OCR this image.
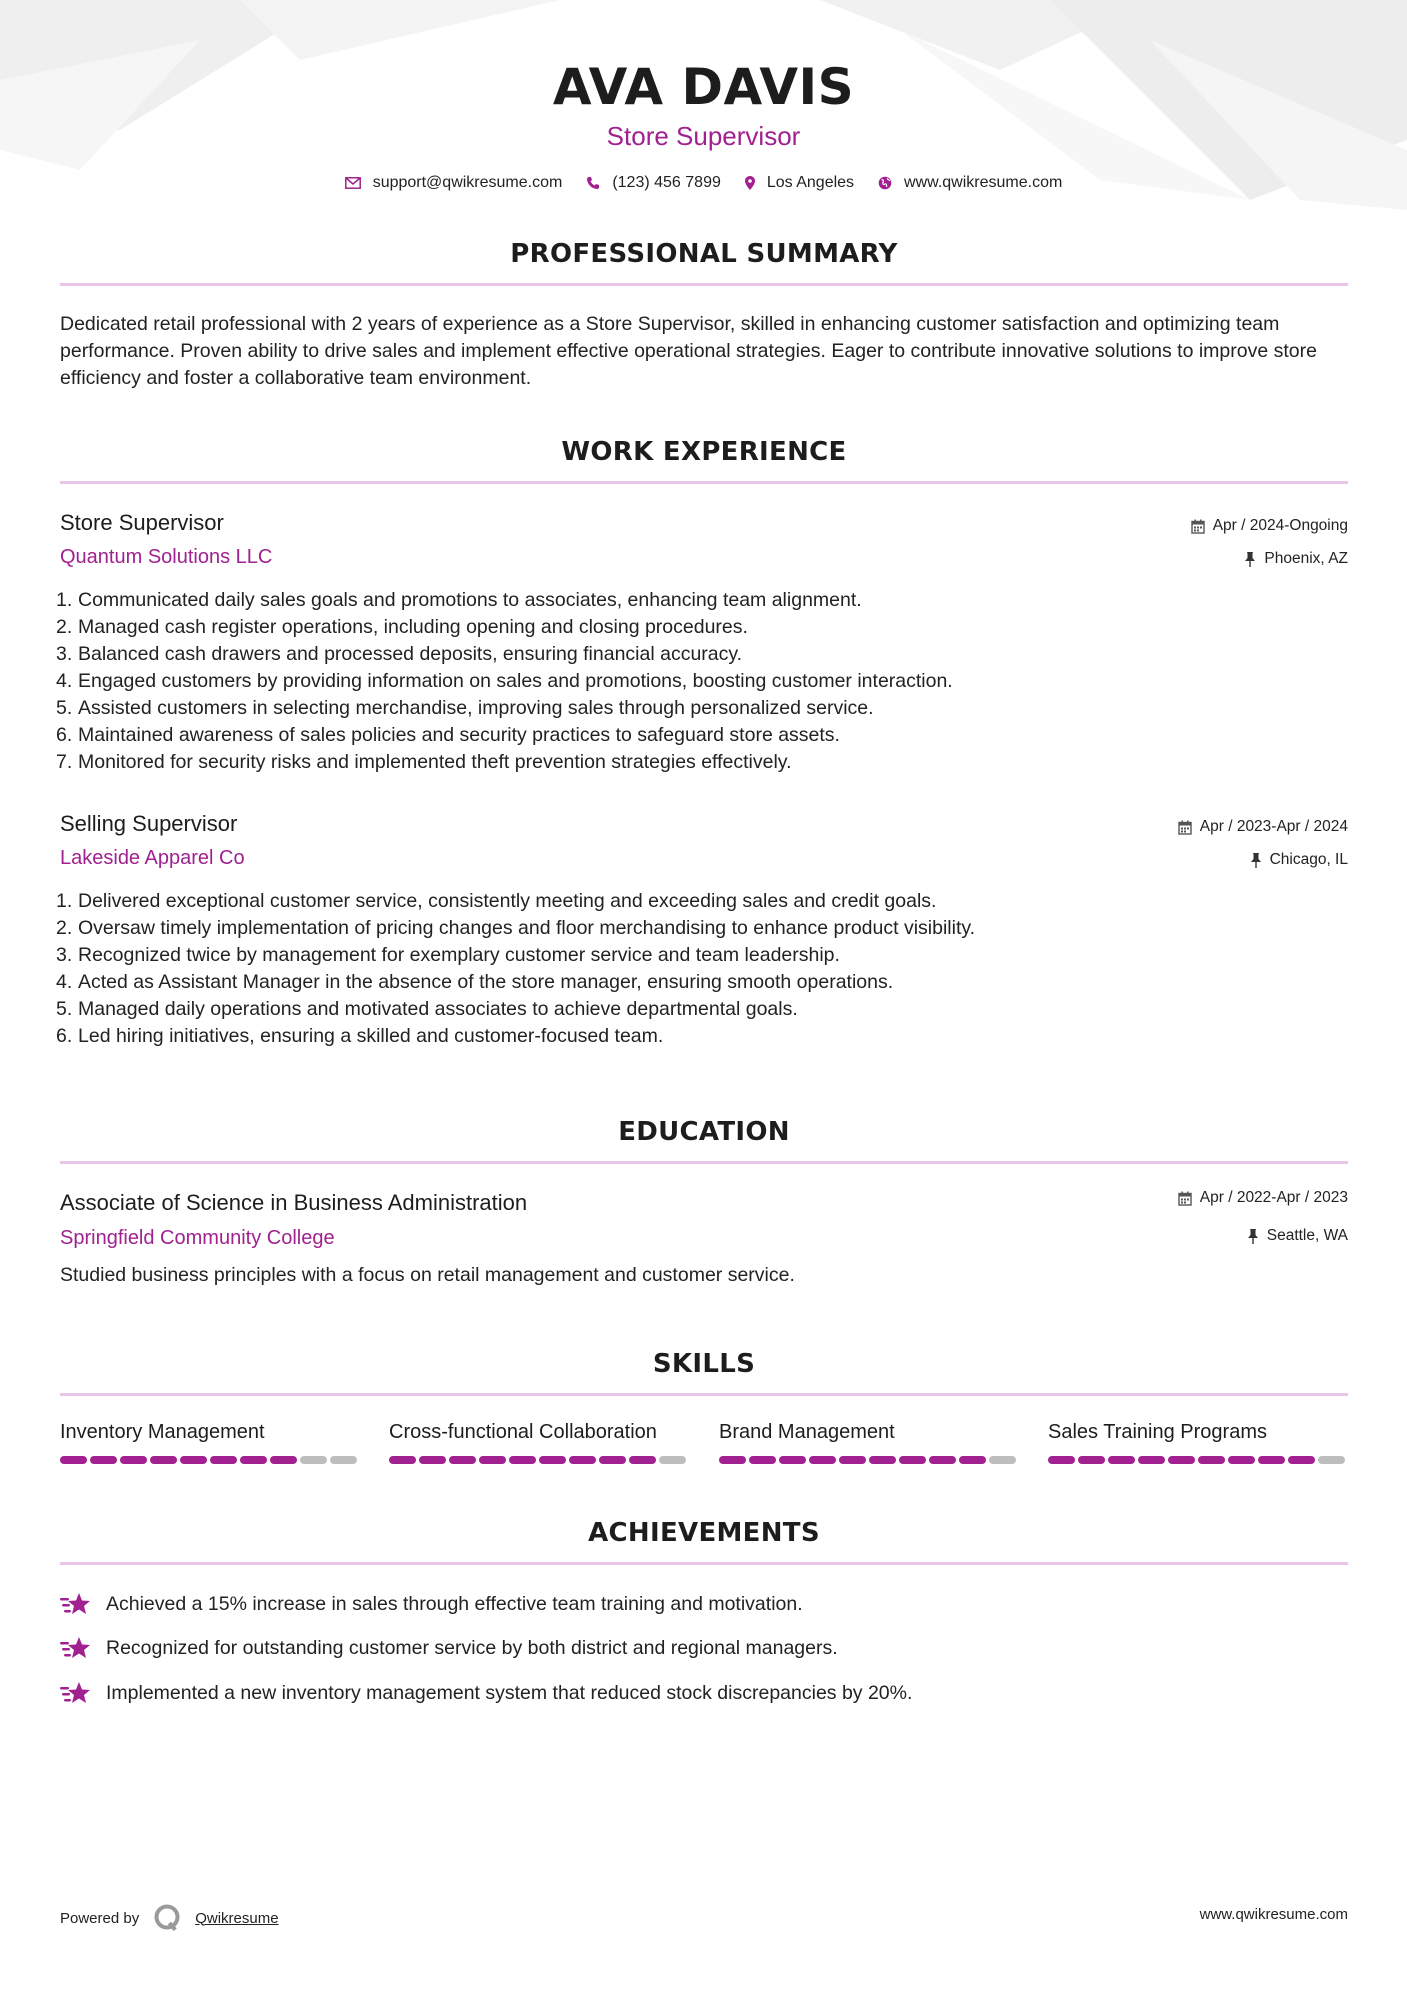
AVA DAVIS
Store Supervisor
support@qwikresume.com	(123) 456 7899	Los Angeles	www.qwikresume.com
PROFESSIONAL SUMMARY
Dedicated retail professional with 2 years of experience as a Store Supervisor, skilled in enhancing customer satisfaction and optimizing team performance. Proven ability to drive sales and implement effective operational strategies. Eager to contribute innovative solutions to improve store efficiency and foster a collaborative team environment.
WORK EXPERIENCE
Store Supervisor
Quantum Solutions LLC
Apr / 2024-Ongoing
Phoenix, AZ
1. Communicated daily sales goals and promotions to associates, enhancing team alignment.
2. Managed cash register operations, including opening and closing procedures.
3. Balanced cash drawers and processed deposits, ensuring financial accuracy.
4. Engaged customers by providing information on sales and promotions, boosting customer interaction.
5. Assisted customers in selecting merchandise, improving sales through personalized service.
6. Maintained awareness of sales policies and security practices to safeguard store assets.
7. Monitored for security risks and implemented theft prevention strategies effectively.
Selling Supervisor
Lakeside Apparel Co
Apr / 2023-Apr / 2024
Chicago, IL
1. Delivered exceptional customer service, consistently meeting and exceeding sales and credit goals.
2. Oversaw timely implementation of pricing changes and floor merchandising to enhance product visibility.
3. Recognized twice by management for exemplary customer service and team leadership.
4. Acted as Assistant Manager in the absence of the store manager, ensuring smooth operations.
5. Managed daily operations and motivated associates to achieve departmental goals.
6. Led hiring initiatives, ensuring a skilled and customer-focused team.
EDUCATION
Associate of Science in Business Administration
Springfield Community College
Apr / 2022-Apr / 2023
Seattle, WA
Studied business principles with a focus on retail management and customer service.
SKILLS
Inventory Management	Cross-functional Collaboration	Brand Management	Sales Training Programs
ACHIEVEMENTS
Achieved a 15% increase in sales through effective team training and motivation.
Recognized for outstanding customer service by both district and regional managers.
Implemented a new inventory management system that reduced stock discrepancies by 20%.
Powered by	Qwikresume	www.qwikresume.com
